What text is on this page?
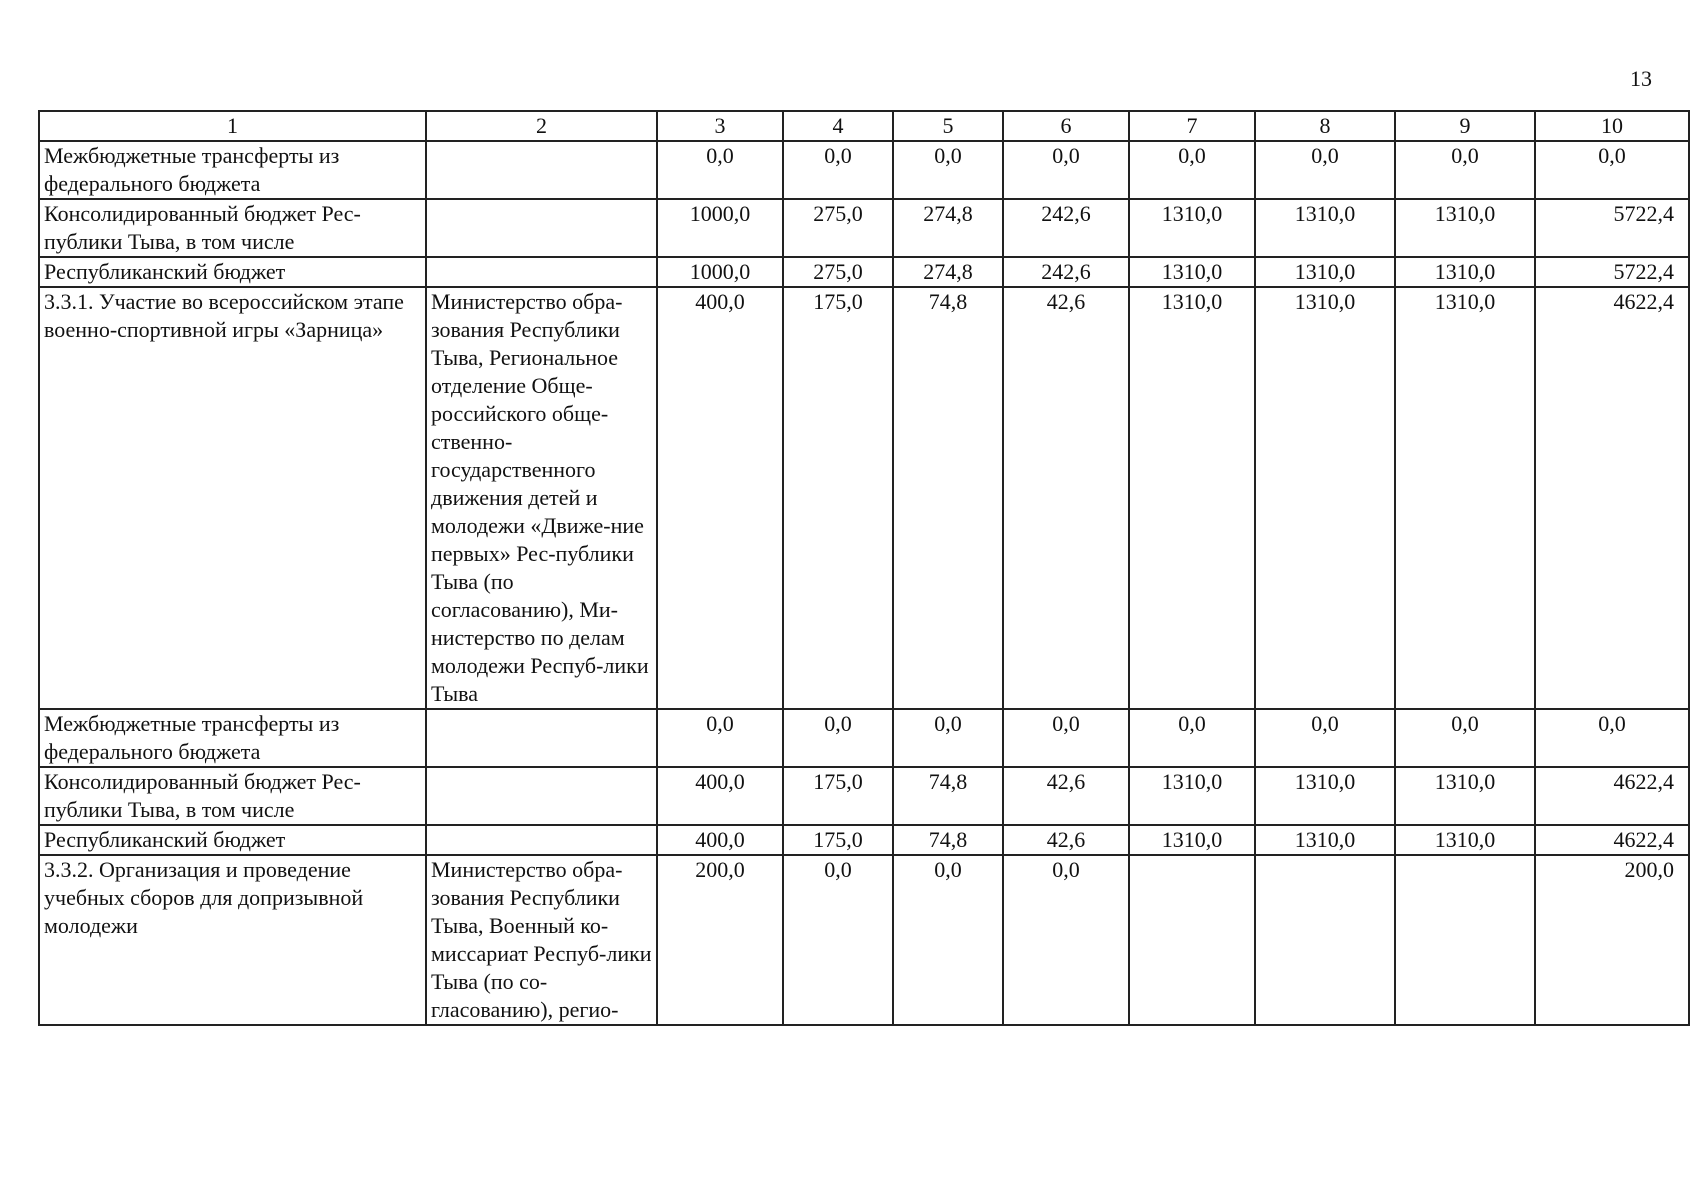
13
1	2	3	4	5	6	7	8	9	10
Межбюджетные трансферты из федерального бюджета		0,0	0,0	0,0	0,0	0,0	0,0	0,0	0,0
Консолидированный бюджет Рес-публики Тыва, в том числе		1000,0	275,0	274,8	242,6	1310,0	1310,0	1310,0	5722,4
Республиканский бюджет		1000,0	275,0	274,8	242,6	1310,0	1310,0	1310,0	5722,4
3.3.1. Участие во всероссийском этапе военно-спортивной игры «Зарница»	Министерство обра-зования Республики Тыва, Региональное отделение Обще-российского обще-ственно-государственного движения детей и молодежи «Движе-ние первых» Рес-публики Тыва (по согласованию), Ми-нистерство по делам молодежи Респуб-лики Тыва	400,0	175,0	74,8	42,6	1310,0	1310,0	1310,0	4622,4
Межбюджетные трансферты из федерального бюджета		0,0	0,0	0,0	0,0	0,0	0,0	0,0	0,0
Консолидированный бюджет Рес-публики Тыва, в том числе		400,0	175,0	74,8	42,6	1310,0	1310,0	1310,0	4622,4
Республиканский бюджет		400,0	175,0	74,8	42,6	1310,0	1310,0	1310,0	4622,4
3.3.2. Организация и проведение учебных сборов для допризывной молодежи	Министерство обра-зования Республики Тыва, Военный ко-миссариат Респуб-лики Тыва (по со-гласованию), регио-	200,0	0,0	0,0	0,0				200,0
